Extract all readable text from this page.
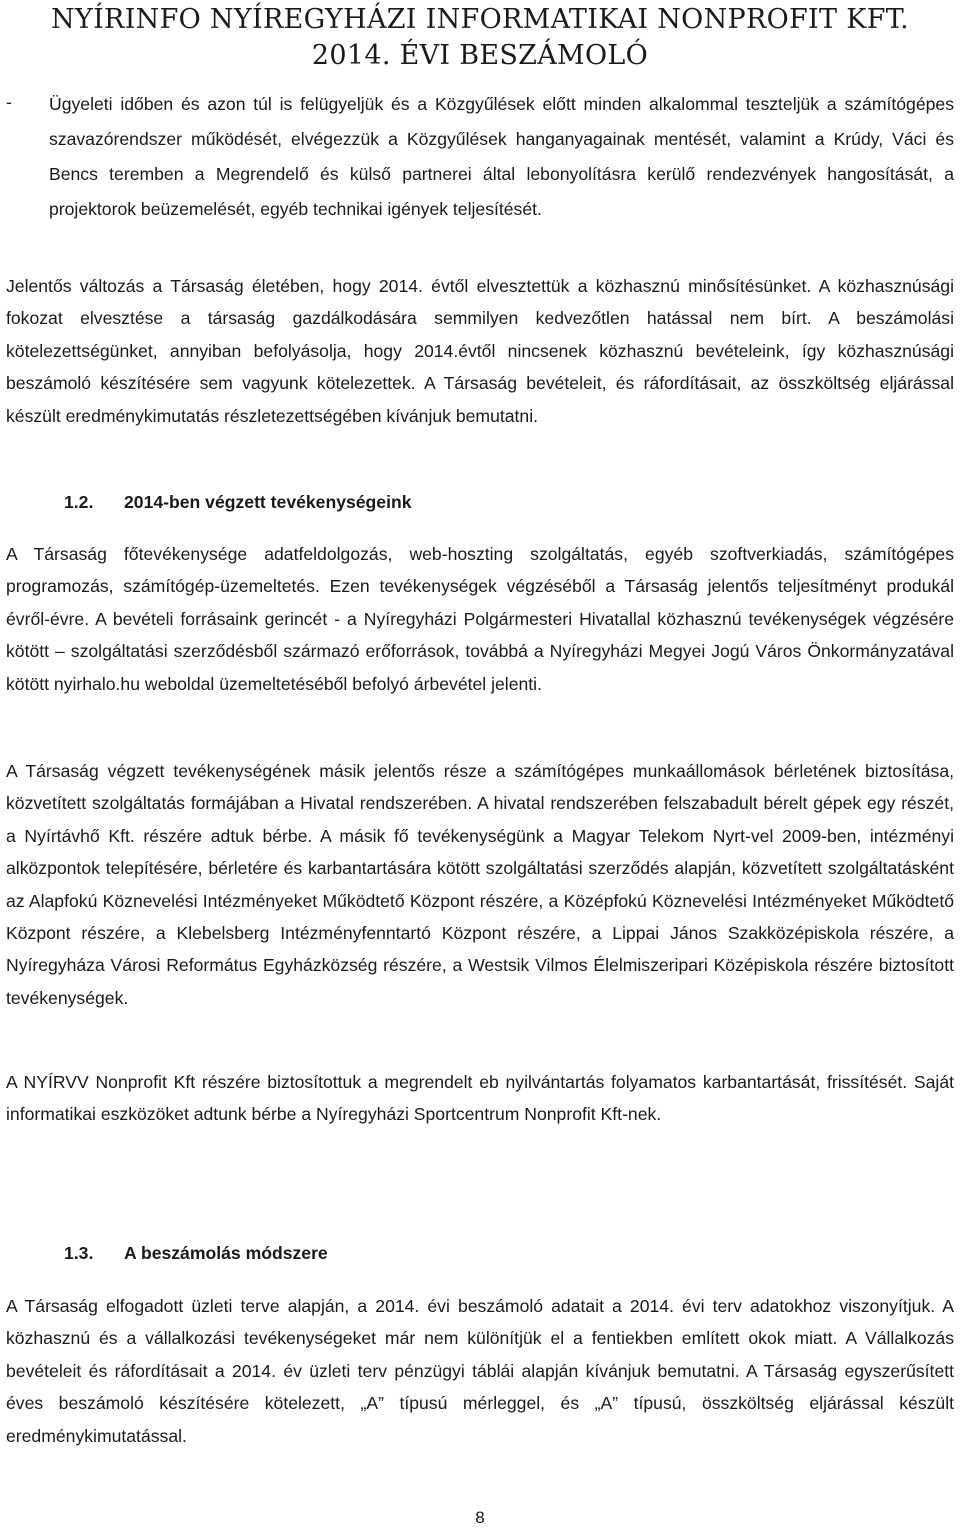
NYÍRINFO NYÍREGYHÁZI INFORMATIKAI NONPROFIT KFT.
2014. ÉVI BESZÁMOLÓ
- Ügyeleti időben és azon túl is felügyeljük és a Közgyűlések előtt minden alkalommal teszteljük a számítógépes szavazórendszer működését, elvégezzük a Közgyűlések hanganyagainak mentését, valamint a Krúdy, Váci és Bencs teremben a Megrendelő és külső partnerei által lebonyolításra kerülő rendezvények hangosítását, a projektorok beüzemelését, egyéb technikai igények teljesítését.

Jelentős változás a Társaság életében, hogy 2014. évtől elvesztettük a közhasznú minősítésünket. A közhasznúsági fokozat elvesztése a társaság gazdálkodására semmilyen kedvezőtlen hatással nem bírt. A beszámolási kötelezettségünket, annyiban befolyásolja, hogy 2014.évtől nincsenek közhasznú bevételeink, így közhasznúsági beszámoló készítésére sem vagyunk kötelezettek. A Társaság bevételeit, és ráfordításait, az összköltség eljárással készült eredménykimutatás részletezettségében kívánjuk bemutatni.

1.2. 2014-ben végzett tevékenységeink

A Társaság főtevékenysége adatfeldolgozás, web-hoszting szolgáltatás, egyéb szoftverkiadás, számítógépes programozás, számítógép-üzemeltetés. Ezen tevékenységek végzéséből a Társaság jelentős teljesítményt produkál évről-évre. A bevételi forrásaink gerincét - a Nyíregyházi Polgármesteri Hivatallal közhasznú tevékenységek végzésére kötött – szolgáltatási szerződésből származó erőforrások, továbbá a Nyíregyházi Megyei Jogú Város Önkormányzatával kötött nyirhalo.hu weboldal üzemeltetéséből befolyó árbevétel jelenti.

A Társaság végzett tevékenységének másik jelentős része a számítógépes munkaállomások bérletének biztosítása, közvetített szolgáltatás formájában a Hivatal rendszerében. A hivatal rendszerében felszabadult bérelt gépek egy részét, a Nyírtávhő Kft. részére adtuk bérbe. A másik fő tevékenységünk a Magyar Telekom Nyrt-vel 2009-ben, intézményi alközpontok telepítésére, bérletére és karbantartására kötött szolgáltatási szerződés alapján, közvetített szolgáltatásként az Alapfokú Köznevelési Intézményeket Működtető Központ részére, a Középfokú Köznevelési Intézményeket Működtető Központ részére, a Klebelsberg Intézményfenntartó Központ részére, a Lippai János Szakközépiskola részére, a Nyíregyháza Városi Református Egyházközség részére, a Westsik Vilmos Élelmiszeripari Középiskola részére biztosított tevékenységek.

A NYÍRVV Nonprofit Kft részére biztosítottuk a megrendelt eb nyilvántartás folyamatos karbantartását, frissítését. Saját informatikai eszközöket adtunk bérbe a Nyíregyházi Sportcentrum Nonprofit Kft-nek.

1.3. A beszámolás módszere

A Társaság elfogadott üzleti terve alapján, a 2014. évi beszámoló adatait a 2014. évi terv adatokhoz viszonyítjuk. A közhasznú és a vállalkozási tevékenységeket már nem különítjük el a fentiekben említett okok miatt. A Vállalkozás bevételeit és ráfordításait a 2014. év üzleti terv pénzügyi táblái alapján kívánjuk bemutatni. A Társaság egyszerűsített éves beszámoló készítésére kötelezett, „A” típusú mérleggel, és „A” típusú, összköltség eljárással készült eredménykimutatással.

8
